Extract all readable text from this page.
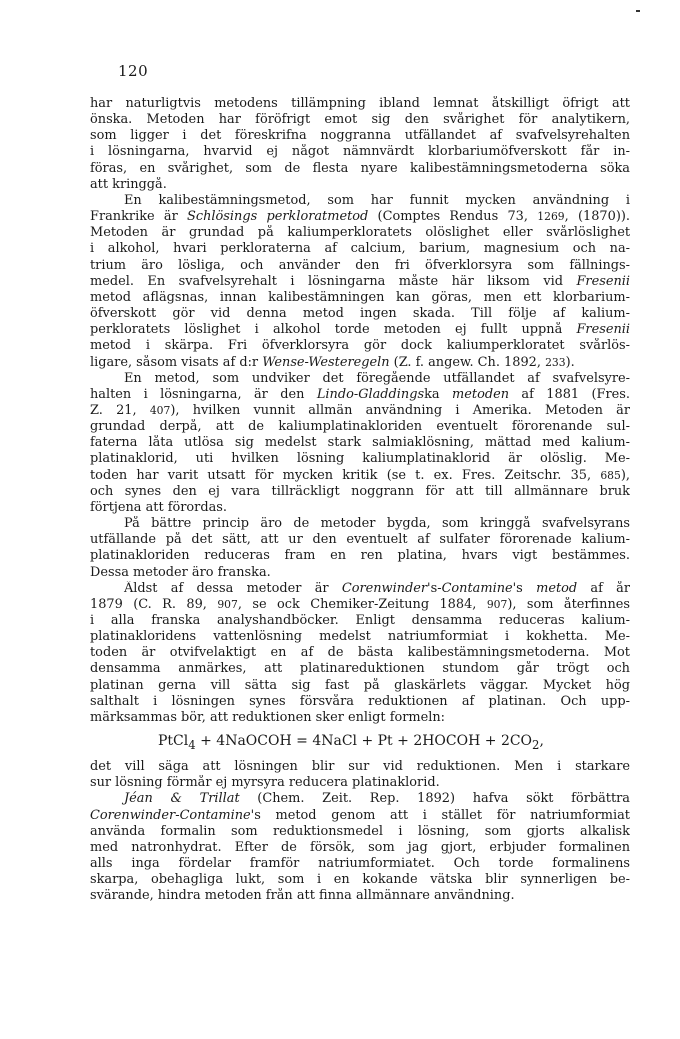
120
har naturligtvis metodens tillämpning ibland lemnat åtskilligt öfrigt att
önska. Metoden har föröfrigt emot sig den svårighet för analytikern,
som ligger i det föreskrifna noggranna utfällandet af svafvelsyrehalten
i lösningarna, hvarvid ej något nämnvärdt klorbariumöfverskott får in-
föras, en svårighet, som de flesta nyare kalibestämningsmetoderna söka
att kringgå.
En kalibestämningsmetod, som har funnit mycken användning i
Frankrike är Schlösings perkloratmetod (Comptes Rendus 73, 1269, (1870)).
Metoden är grundad på kaliumperkloratets olöslighet eller svårlöslighet
i alkohol, hvari perkloraterna af calcium, barium, magnesium och na-
trium äro lösliga, och använder den fri öfverklorsyra som fällnings-
medel. En svafvelsyrehalt i lösningarna måste här liksom vid Fresenii
metod aflägsnas, innan kalibestämningen kan göras, men ett klorbarium-
öfverskott gör vid denna metod ingen skada. Till följe af kalium-
perkloratets löslighet i alkohol torde metoden ej fullt uppnå Fresenii
metod i skärpa. Fri öfverklorsyra gör dock kaliumperkloratet svårlös-
ligare, såsom visats af d:r Wense-Westeregeln (Z. f. angew. Ch. 1892, 233).
En metod, som undviker det föregående utfällandet af svafvelsyre-
halten i lösningarna, är den Lindo-Gladdingska metoden af 1881 (Fres.
Z. 21, 407), hvilken vunnit allmän användning i Amerika. Metoden är
grundad derpå, att de kaliumplatinakloriden eventuelt förorenande sul-
faterna låta utlösa sig medelst stark salmiaklösning, mättad med kalium-
platinaklorid, uti hvilken lösning kaliumplatinaklorid är olöslig. Me-
toden har varit utsatt för mycken kritik (se t. ex. Fres. Zeitschr. 35, 685),
och synes den ej vara tillräckligt noggrann för att till allmännare bruk
förtjena att förordas.
På bättre princip äro de metoder bygda, som kringgå svafvelsyrans
utfällande på det sätt, att ur den eventuelt af sulfater förorenade kalium-
platinakloriden reduceras fram en ren platina, hvars vigt bestämmes.
Dessa metoder äro franska.
Äldst af dessa metoder är Corenwinder's-Contamine's metod af år
1879 (C. R. 89, 907, se ock Chemiker-Zeitung 1884, 907), som återfinnes
i alla franska analyshandböcker. Enligt densamma reduceras kalium-
platinakloridens vattenlösning medelst natriumformiat i kokhetta. Me-
toden är otvifvelaktigt en af de bästa kalibestämningsmetoderna. Mot
densamma anmärkes, att platinareduktionen stundom går trögt och
platinan gerna vill sätta sig fast på glaskärlets väggar. Mycket hög
salthalt i lösningen synes försvåra reduktionen af platinan. Och upp-
märksammas bör, att reduktionen sker enligt formeln:
PtCl$_4$ + 4NaOCOH = 4NaCl + Pt + 2HOCOH + $2CO_2$,
det vill säga att lösningen blir sur vid reduktionen. Men i starkare
sur lösning förmår ej myrsyra reducera platinaklorid.
Jéan & Trillat (Chem. Zeit. Rep. 1892) hafva sökt förbättra
Corenwinder-Contamine's metod genom att i stället för natriumformiat
använda formalin som reduktionsmedel i lösning, som gjorts alkalisk
med natronhydrat. Efter de försök, som jag gjort, erbjuder formalinen
alls inga fördelar framför natriumformiatet. Och torde formalinens
skarpa, obehagliga lukt, som i en kokande vätska blir synnerligen be-
svärande, hindra metoden från att finna allmännare användning.
